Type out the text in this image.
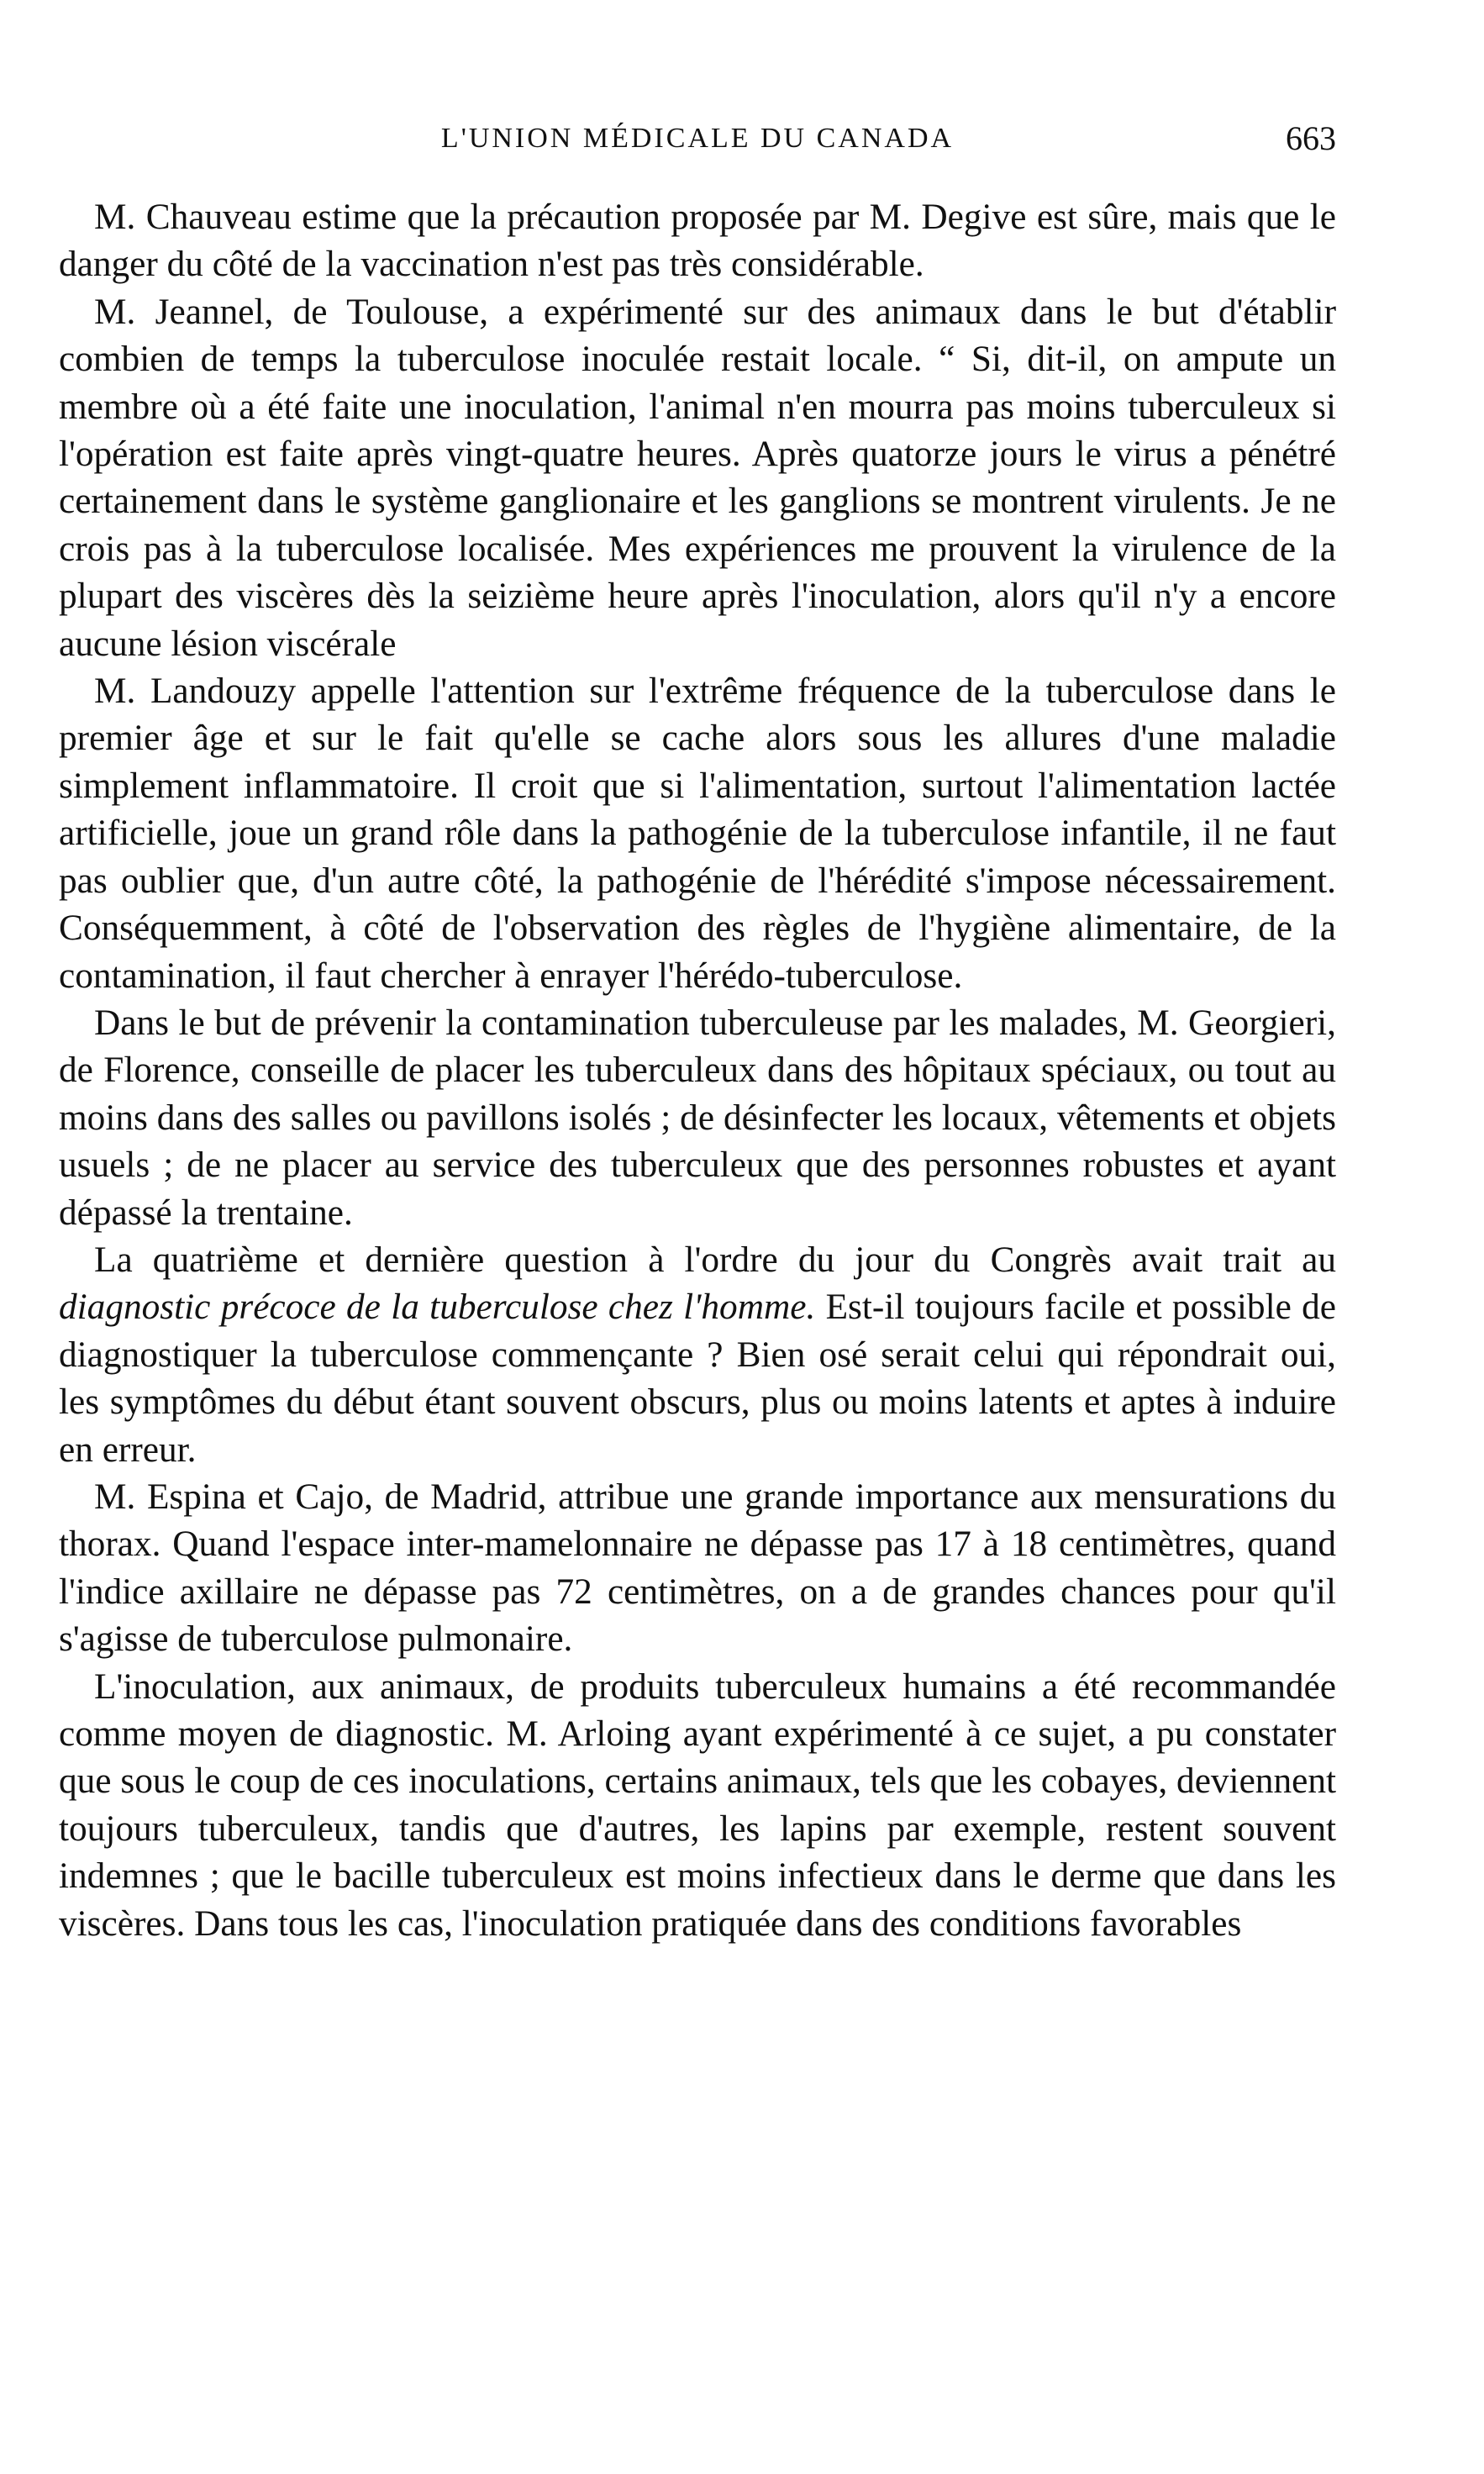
L'UNION MÉDICALE DU CANADA	663

M. Chauveau estime que la précaution proposée par M. Degive est sûre, mais que le danger du côté de la vaccination n'est pas très considérable.

M. Jeannel, de Toulouse, a expérimenté sur des animaux dans le but d'établir combien de temps la tuberculose inoculée restait locale. “ Si, dit-il, on ampute un membre où a été faite une inoculation, l'animal n'en mourra pas moins tuberculeux si l'opération est faite après vingt-quatre heures. Après quatorze jours le virus a pénétré certainement dans le système ganglionaire et les ganglions se montrent virulents. Je ne crois pas à la tuberculose localisée. Mes expériences me prouvent la virulence de la plupart des viscères dès la seizième heure après l'inoculation, alors qu'il n'y a encore aucune lésion viscérale

M. Landouzy appelle l'attention sur l'extrême fréquence de la tuberculose dans le premier âge et sur le fait qu'elle se cache alors sous les allures d'une maladie simplement inflammatoire. Il croit que si l'alimentation, surtout l'alimentation lactée artificielle, joue un grand rôle dans la pathogénie de la tuberculose infantile, il ne faut pas oublier que, d'un autre côté, la pathogénie de l'hérédité s'impose nécessairement. Conséquemment, à côté de l'observation des règles de l'hygiène alimentaire, de la contamination, il faut chercher à enrayer l'hérédo-tuberculose.

Dans le but de prévenir la contamination tuberculeuse par les malades, M. Georgieri, de Florence, conseille de placer les tuberculeux dans des hôpitaux spéciaux, ou tout au moins dans des salles ou pavillons isolés ; de désinfecter les locaux, vêtements et objets usuels ; de ne placer au service des tuberculeux que des personnes robustes et ayant dépassé la trentaine.

La quatrième et dernière question à l'ordre du jour du Congrès avait trait au diagnostic précoce de la tuberculose chez l'homme. Est-il toujours facile et possible de diagnostiquer la tuberculose commençante ? Bien osé serait celui qui répondrait oui, les symptômes du début étant souvent obscurs, plus ou moins latents et aptes à induire en erreur.

M. Espina et Cajo, de Madrid, attribue une grande importance aux mensurations du thorax. Quand l'espace inter-mamelonnaire ne dépasse pas 17 à 18 centimètres, quand l'indice axillaire ne dépasse pas 72 centimètres, on a de grandes chances pour qu'il s'agisse de tuberculose pulmonaire.

L'inoculation, aux animaux, de produits tuberculeux humains a été recommandée comme moyen de diagnostic. M. Arloing ayant expérimenté à ce sujet, a pu constater que sous le coup de ces inoculations, certains animaux, tels que les cobayes, deviennent toujours tuberculeux, tandis que d'autres, les lapins par exemple, restent souvent indemnes ; que le bacille tuberculeux est moins infectieux dans le derme que dans les viscères. Dans tous les cas, l'inoculation pratiquée dans des conditions favorables
